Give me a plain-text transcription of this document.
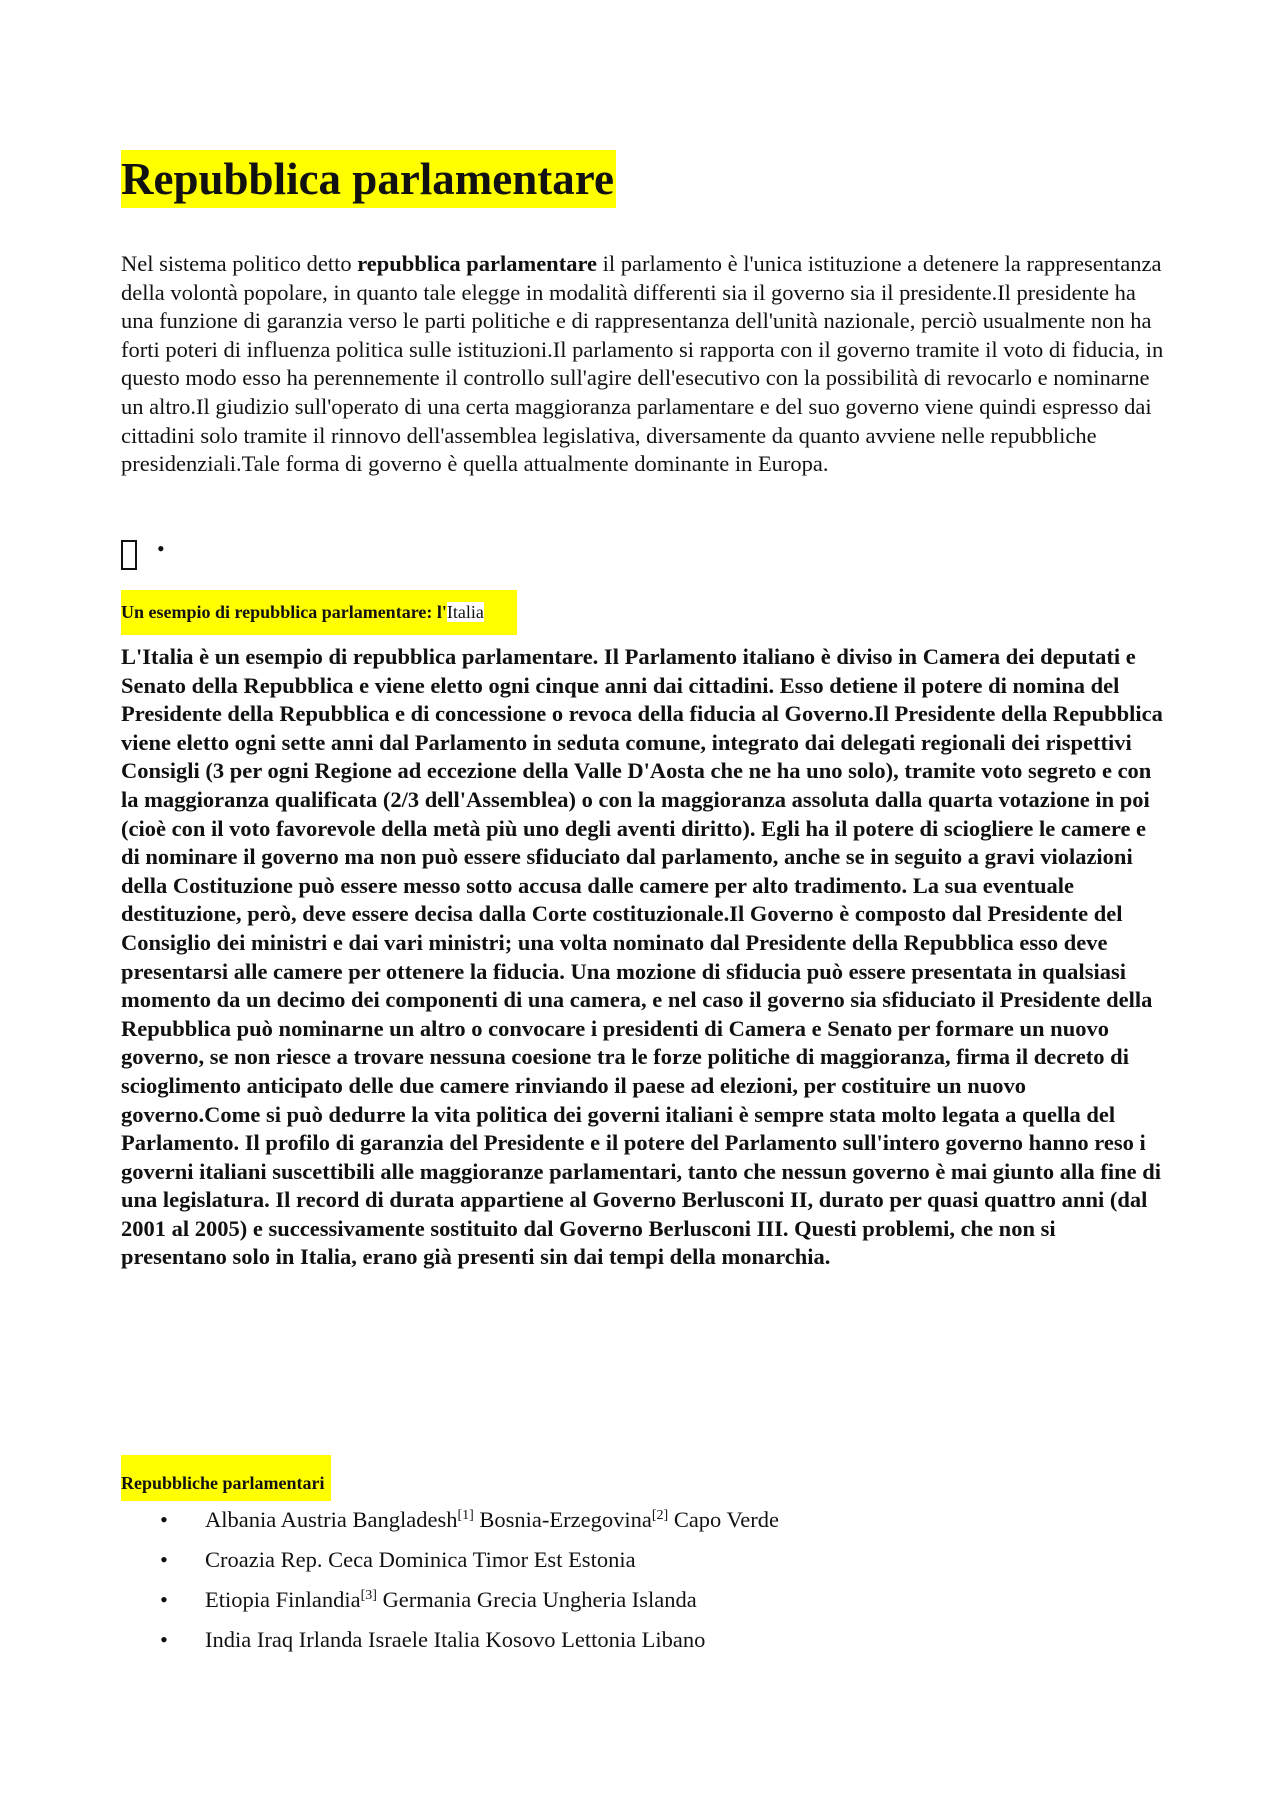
Repubblica parlamentare

Nel sistema politico detto repubblica parlamentare il parlamento è l'unica istituzione a detenere la rappresentanza della volontà popolare, in quanto tale elegge in modalità differenti sia il governo sia il presidente.Il presidente ha una funzione di garanzia verso le parti politiche e di rappresentanza dell'unità nazionale, perciò usualmente non ha forti poteri di influenza politica sulle istituzioni.Il parlamento si rapporta con il governo tramite il voto di fiducia, in questo modo esso ha perennemente il controllo sull'agire dell'esecutivo con la possibilità di revocarlo e nominarne un altro.Il giudizio sull'operato di una certa maggioranza parlamentare e del suo governo viene quindi espresso dai cittadini solo tramite il rinnovo dell'assemblea legislativa, diversamente da quanto avviene nelle repubbliche presidenziali.Tale forma di governo è quella attualmente dominante in Europa.

•
Un esempio di repubblica parlamentare: l'Italia

L'Italia è un esempio di repubblica parlamentare. Il Parlamento italiano è diviso in Camera dei deputati e Senato della Repubblica e viene eletto ogni cinque anni dai cittadini. Esso detiene il potere di nomina del Presidente della Repubblica e di concessione o revoca della fiducia al Governo.Il Presidente della Repubblica viene eletto ogni sette anni dal Parlamento in seduta comune, integrato dai delegati regionali dei rispettivi Consigli (3 per ogni Regione ad eccezione della Valle D'Aosta che ne ha uno solo), tramite voto segreto e con la maggioranza qualificata (2/3 dell'Assemblea) o con la maggioranza assoluta dalla quarta votazione in poi (cioè con il voto favorevole della metà più uno degli aventi diritto). Egli ha il potere di sciogliere le camere e di nominare il governo ma non può essere sfiduciato dal parlamento, anche se in seguito a gravi violazioni della Costituzione può essere messo sotto accusa dalle camere per alto tradimento. La sua eventuale destituzione, però, deve essere decisa dalla Corte costituzionale.Il Governo è composto dal Presidente del Consiglio dei ministri e dai vari ministri; una volta nominato dal Presidente della Repubblica esso deve presentarsi alle camere per ottenere la fiducia. Una mozione di sfiducia può essere presentata in qualsiasi momento da un decimo dei componenti di una camera, e nel caso il governo sia sfiduciato il Presidente della Repubblica può nominarne un altro o convocare i presidenti di Camera e Senato per formare un nuovo governo, se non riesce a trovare nessuna coesione tra le forze politiche di maggioranza, firma il decreto di scioglimento anticipato delle due camere rinviando il paese ad elezioni, per costituire un nuovo governo.Come si può dedurre la vita politica dei governi italiani è sempre stata molto legata a quella del Parlamento. Il profilo di garanzia del Presidente e il potere del Parlamento sull'intero governo hanno reso i governi italiani suscettibili alle maggioranze parlamentari, tanto che nessun governo è mai giunto alla fine di una legislatura. Il record di durata appartiene al Governo Berlusconi II, durato per quasi quattro anni (dal 2001 al 2005) e successivamente sostituito dal Governo Berlusconi III. Questi problemi, che non si presentano solo in Italia, erano già presenti sin dai tempi della monarchia.

Repubbliche parlamentari
• Albania Austria Bangladesh[1] Bosnia-Erzegovina[2] Capo Verde
• Croazia Rep. Ceca Dominica Timor Est Estonia
• Etiopia Finlandia[3] Germania Grecia Ungheria Islanda
• India Iraq Irlanda Israele Italia Kosovo Lettonia Libano
